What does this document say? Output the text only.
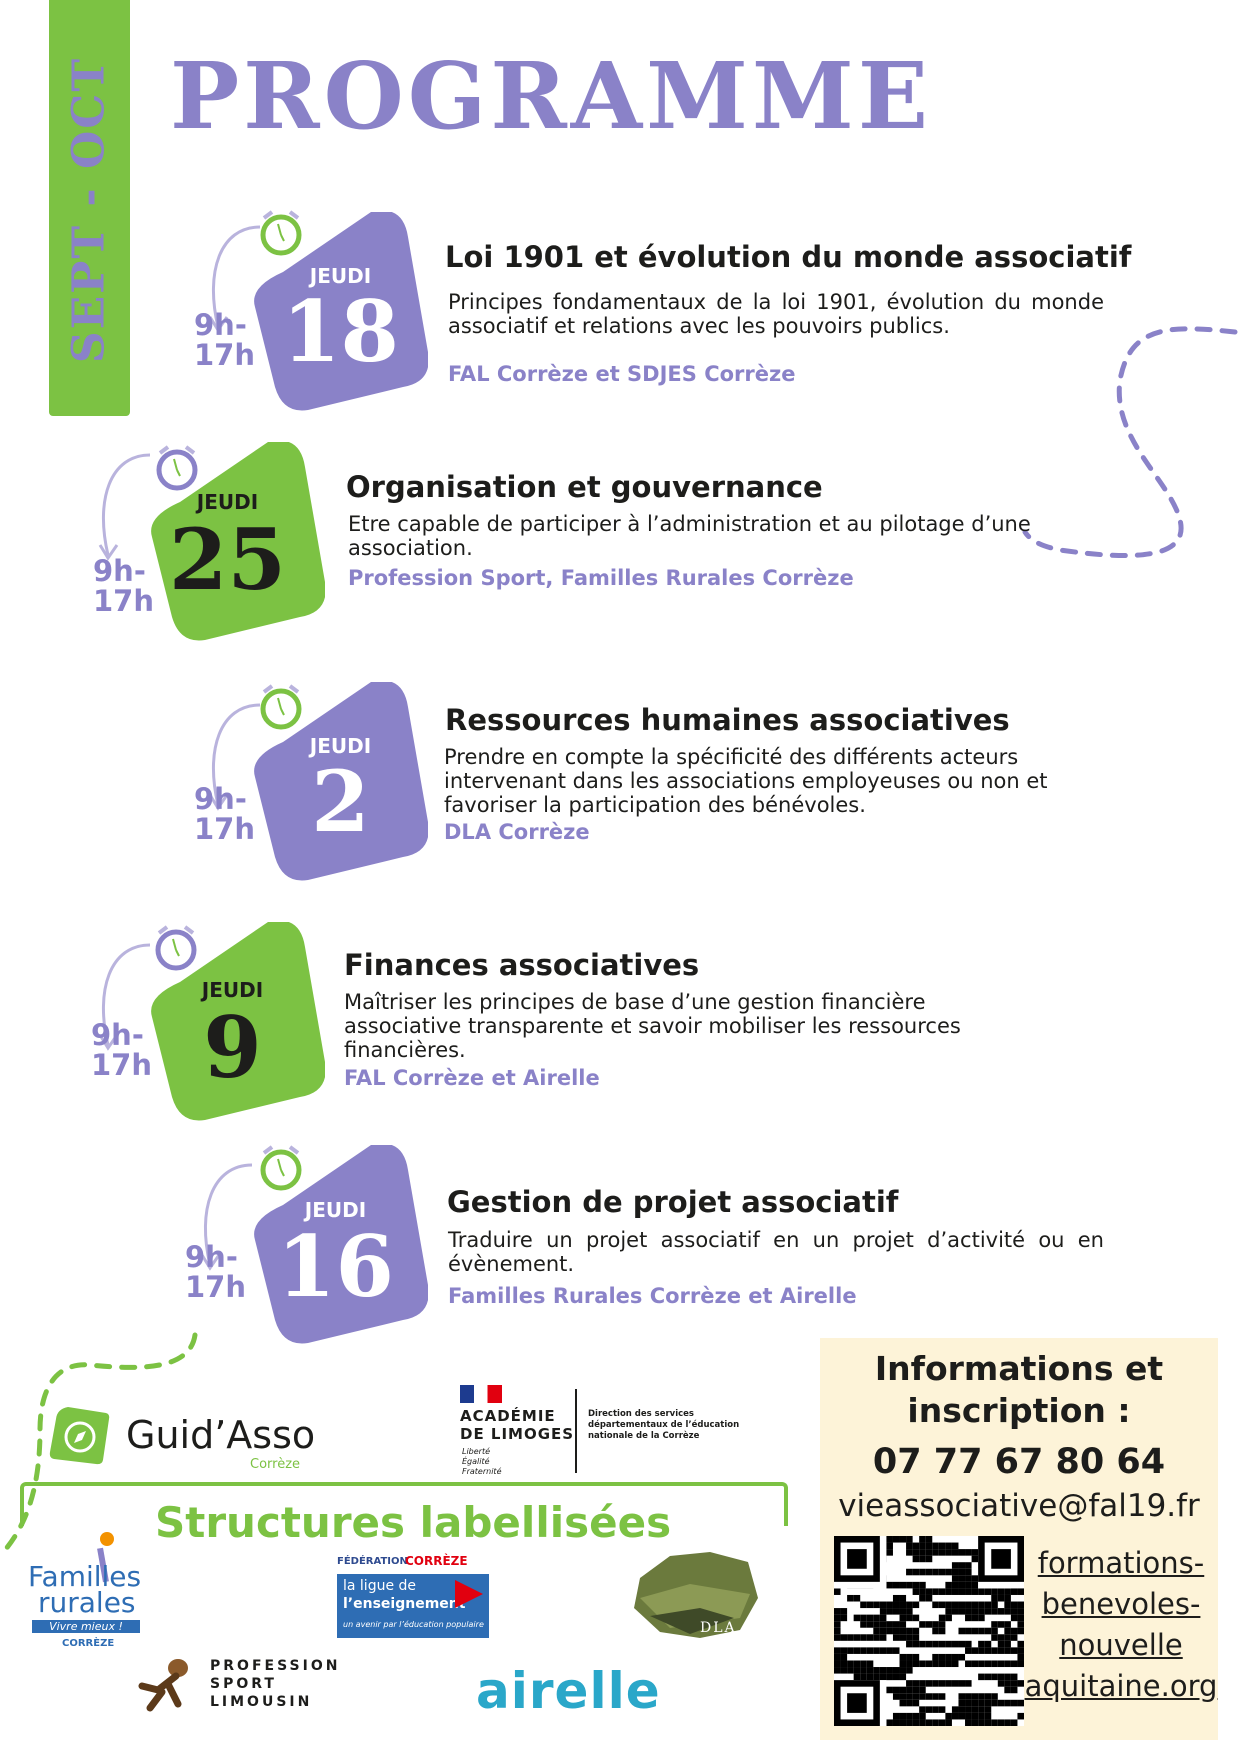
SEPT - OCT PROGRAMME
JEUDI
18
9h-
17h
Loi 1901 et évolution du monde associatif
Principes fondamentaux de la loi 1901, évolution du monde associatif et relations avec les pouvoirs publics.
FAL Corrèze et SDJES Corrèze
JEUDI
25
9h-
17h
Organisation et gouvernance
Etre capable de participer à l’administration et au pilotage d’une association.
Profession Sport, Familles Rurales Corrèze
JEUDI
2
9h-
17h
Ressources humaines associatives
Prendre en compte la spécificité des différents acteurs intervenant dans les associations employeuses ou non et favoriser la participation des bénévoles.
DLA Corrèze
JEUDI
9
9h-
17h
Finances associatives
Maîtriser les principes de base d’une gestion financière associative transparente et savoir mobiliser les ressources financières.
FAL Corrèze et Airelle
JEUDI
16
9h-
17h
Gestion de projet associatif
Traduire un projet associatif en un projet d’activité ou en évènement.
Familles Rurales Corrèze et Airelle
Guid’Asso
Corrèze
ACADÉMIE
DE LIMOGES
Liberté
Égalité
Fraternité
Direction des services départementaux de l’éducation nationale de la Corrèze
Structures labellisées
Familles
rurales
Vivre mieux !
CORRÈZE
FÉDÉRATION
CORRÈZE
la ligue de
l’enseignement
un avenir par l’éducation populaire	DLA
PROFESSION
SPORT
LIMOUSIN	airelle
Informations et inscription :
07 77 67 80 64
vieassociative@fal19.fr
formations-benevoles-nouvelle aquitaine.org
